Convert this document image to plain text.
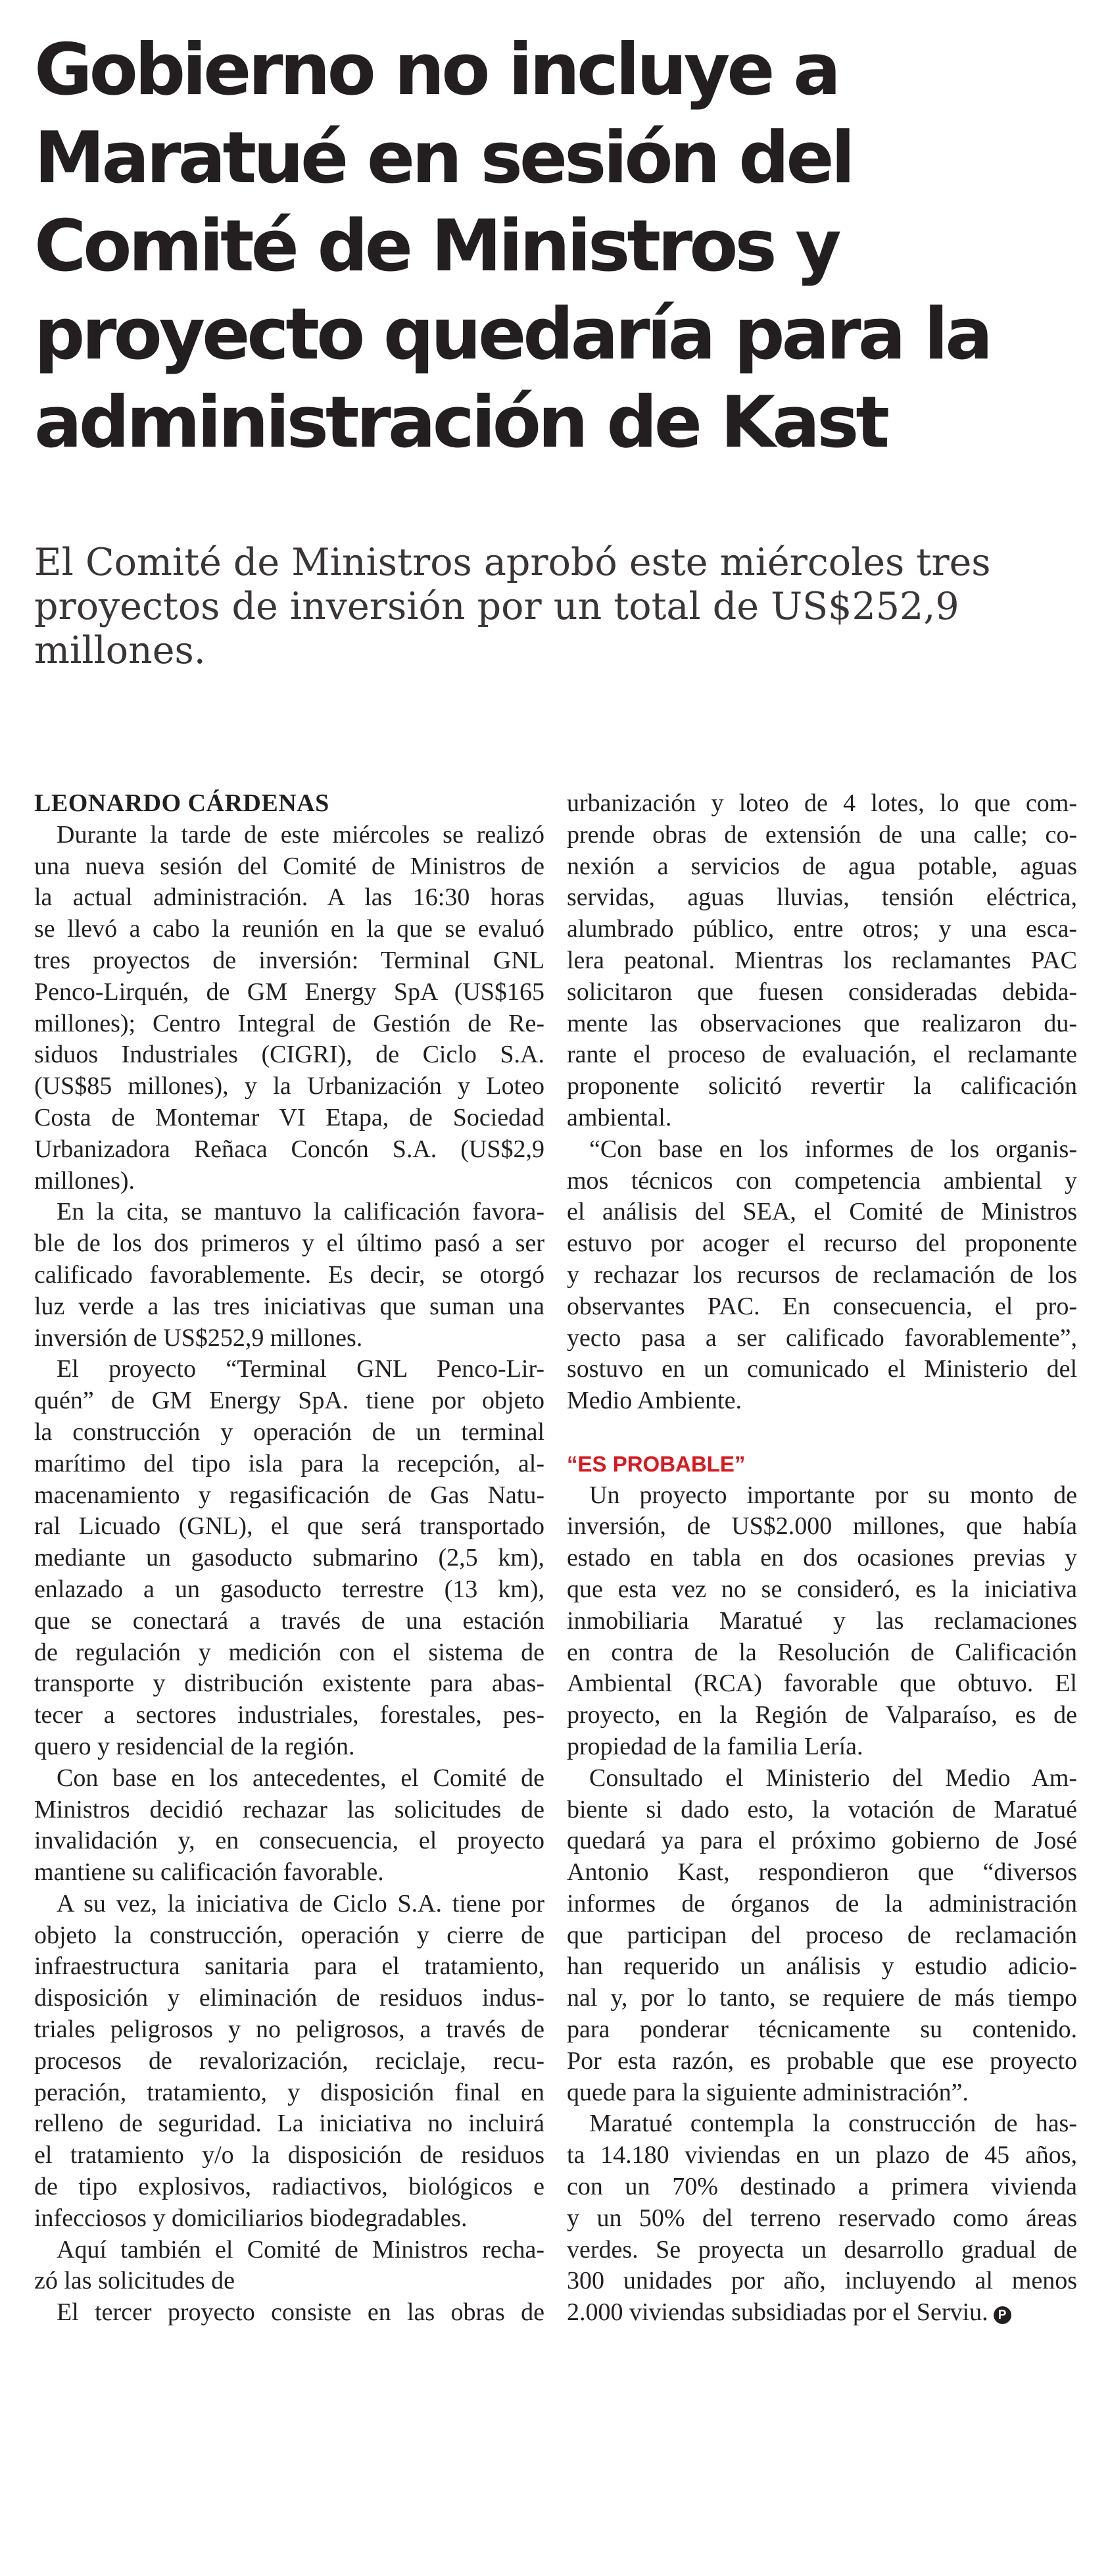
Gobierno no incluye a
Maratué en sesión del
Comité de Ministros y
proyecto quedaría para la
administración de Kast

El Comité de Ministros aprobó este miércoles tres
proyectos de inversión por un total de US$252,9
millones.

LEONARDO CÁRDENAS
Durante la tarde de este miércoles se realizó
una nueva sesión del Comité de Ministros de
la actual administración. A las 16:30 horas
se llevó a cabo la reunión en la que se evaluó
tres proyectos de inversión: Terminal GNL
Penco-Lirquén, de GM Energy SpA (US$165
millones); Centro Integral de Gestión de Re-
siduos Industriales (CIGRI), de Ciclo S.A.
(US$85 millones), y la Urbanización y Loteo
Costa de Montemar VI Etapa, de Sociedad
Urbanizadora Reñaca Concón S.A. (US$2,9
millones).
En la cita, se mantuvo la calificación favora-
ble de los dos primeros y el último pasó a ser
calificado favorablemente. Es decir, se otorgó
luz verde a las tres iniciativas que suman una
inversión de US$252,9 millones.
El proyecto “Terminal GNL Penco-Lir-
quén” de GM Energy SpA. tiene por objeto
la construcción y operación de un terminal
marítimo del tipo isla para la recepción, al-
macenamiento y regasificación de Gas Natu-
ral Licuado (GNL), el que será transportado
mediante un gasoducto submarino (2,5 km),
enlazado a un gasoducto terrestre (13 km),
que se conectará a través de una estación
de regulación y medición con el sistema de
transporte y distribución existente para abas-
tecer a sectores industriales, forestales, pes-
quero y residencial de la región.
Con base en los antecedentes, el Comité de
Ministros decidió rechazar las solicitudes de
invalidación y, en consecuencia, el proyecto
mantiene su calificación favorable.
A su vez, la iniciativa de Ciclo S.A. tiene por
objeto la construcción, operación y cierre de
infraestructura sanitaria para el tratamiento,
disposición y eliminación de residuos indus-
triales peligrosos y no peligrosos, a través de
procesos de revalorización, reciclaje, recu-
peración, tratamiento, y disposición final en
relleno de seguridad. La iniciativa no incluirá
el tratamiento y/o la disposición de residuos
de tipo explosivos, radiactivos, biológicos e
infecciosos y domiciliarios biodegradables.
Aquí también el Comité de Ministros rechа-
zó las solicitudes de
El tercer proyecto consiste en las obras de
urbanización y loteo de 4 lotes, lo que com-
prende obras de extensión de una calle; co-
nexión a servicios de agua potable, aguas
servidas, aguas lluvias, tensión eléctrica,
alumbrado público, entre otros; y una esca-
lera peatonal. Mientras los reclamantes PAC
solicitaron que fuesen consideradas debida-
mente las observaciones que realizaron du-
rante el proceso de evaluación, el reclamante
proponente solicitó revertir la calificación
ambiental.
“Con base en los informes de los organis-
mos técnicos con competencia ambiental y
el análisis del SEA, el Comité de Ministros
estuvo por acoger el recurso del proponente
y rechazar los recursos de reclamación de los
observantes PAC. En consecuencia, el pro-
yecto pasa a ser calificado favorablemente”,
sostuvo en un comunicado el Ministerio del
Medio Ambiente.
“ES PROBABLE”
Un proyecto importante por su monto de
inversión, de US$2.000 millones, que había
estado en tabla en dos ocasiones previas y
que esta vez no se consideró, es la iniciativa
inmobiliaria Maratué y las reclamaciones
en contra de la Resolución de Calificación
Ambiental (RCA) favorable que obtuvo. El
proyecto, en la Región de Valparaíso, es de
propiedad de la familia Lería.
Consultado el Ministerio del Medio Am-
biente si dado esto, la votación de Maratué
quedará ya para el próximo gobierno de José
Antonio Kast, respondieron que “diversos
informes de órganos de la administración
que participan del proceso de reclamación
han requerido un análisis y estudio adicio-
nal y, por lo tanto, se requiere de más tiempo
para ponderar técnicamente su contenido.
Por esta razón, es probable que ese proyecto
quede para la siguiente administración”.
Maratué contempla la construcción de has-
ta 14.180 viviendas en un plazo de 45 años,
con un 70% destinado a primera vivienda
y un 50% del terreno reservado como áreas
verdes. Se proyecta un desarrollo gradual de
300 unidades por año, incluyendo al menos
2.000 viviendas subsidiadas por el Serviu. P
